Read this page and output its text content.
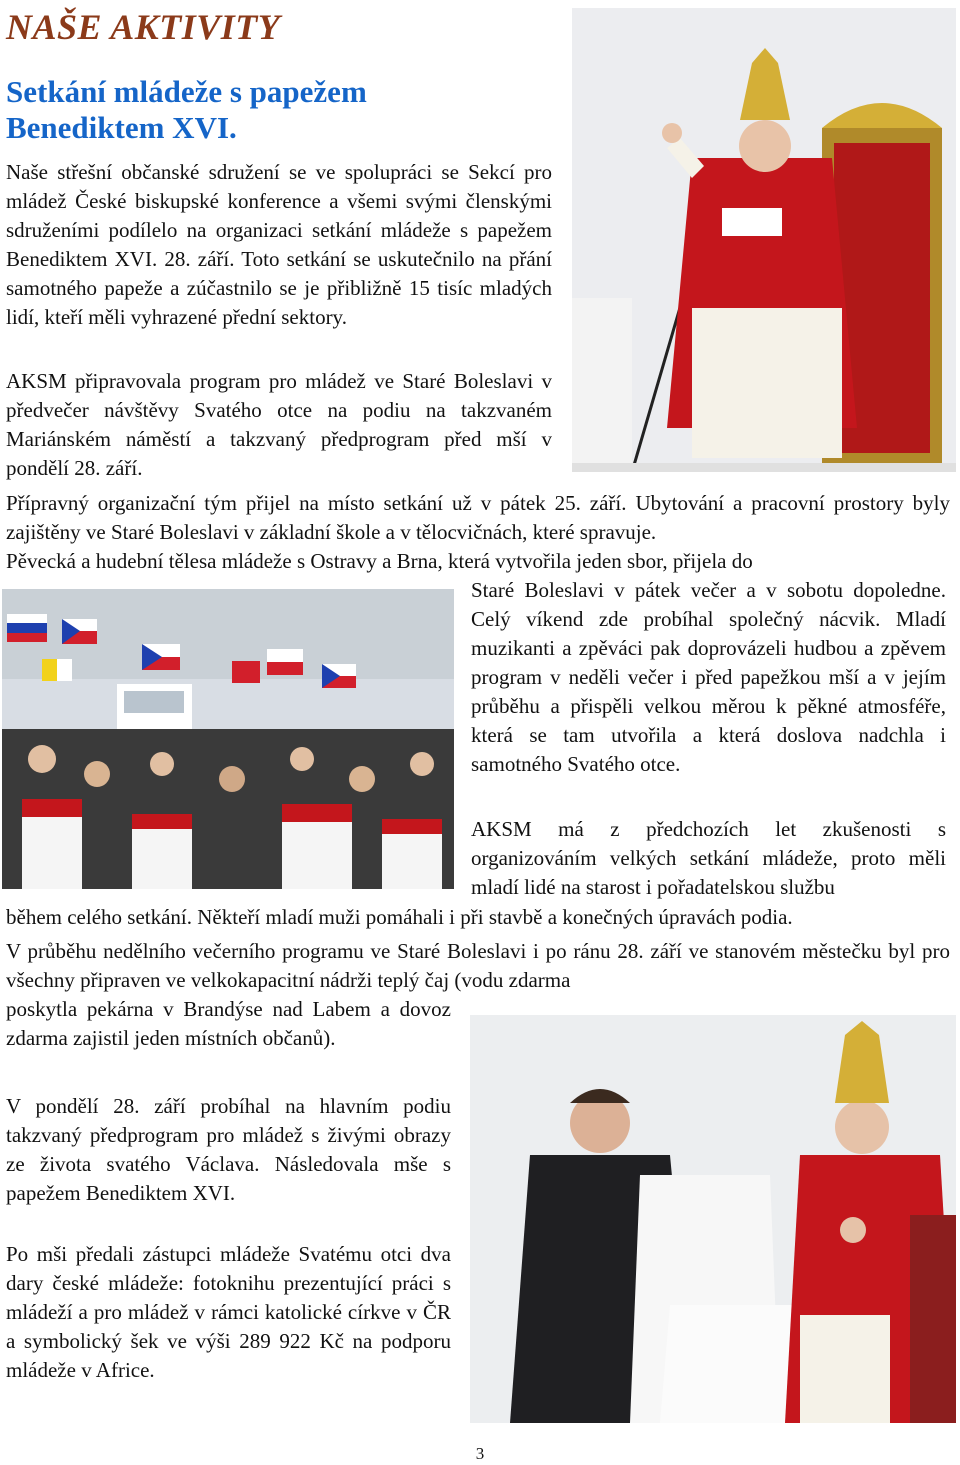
NAŠE AKTIVITY
Setkání mládeže s papežem Benediktem XVI.

Naše střešní občanské sdružení se ve spolupráci se Sekcí pro mládež České biskupské konference a všemi svými členskými sdruženími podílelo na organizaci setkání mládeže s papežem Benediktem XVI. 28. září. Toto setkání se uskutečnilo na přání samotného papeže a zúčastnilo se je přibližně 15 tisíc mladých lidí, kteří měli vyhrazené přední sektory.

AKSM připravovala program pro mládež ve Staré Boleslavi v předvečer návštěvy Svatého otce na podiu na takzvaném Mariánském náměstí a takzvaný předprogram před mší v pondělí 28. září.

Přípravný organizační tým přijel na místo setkání už v pátek 25. září. Ubytování a pracovní prostory byly zajištěny ve Staré Boleslavi v základní škole a v tělocvičnách, které spravuje.

Pěvecká a hudební tělesa mládeže s Ostravy a Brna, která vytvořila jeden sbor, přijela do

Staré Boleslavi v pátek večer a v sobotu dopoledne. Celý víkend zde probíhal společný nácvik. Mladí muzikanti a zpěváci pak doprovázeli hudbou a zpěvem program v neděli večer i před papežkou mší a v jejím průběhu a přispěli velkou měrou k pěkné atmosféře, která se tam utvořila a která doslova nadchla i samotného Svatého otce.

AKSM má z předchozích let zkušenosti s organizováním velkých setkání mládeže, proto měli mladí lidé na starost i pořadatelskou službu

během celého setkání. Někteří mladí muži pomáhali i při stavbě a konečných úpravách podia.

V průběhu nedělního večerního programu ve Staré Boleslavi i po ránu 28. září ve stanovém městečku byl pro všechny připraven ve velkokapacitní nádrži teplý čaj (vodu zdarma

poskytla pekárna v Brandýse nad Labem a dovoz zdarma zajistil jeden místních občanů).

V pondělí 28. září probíhal na hlavním podiu takzvaný předprogram pro mládež s živými obrazy ze života svatého Václava. Následovala mše s papežem Benediktem XVI.

Po mši předali zástupci mládeže Svatému otci dva dary české mládeže: fotoknihu prezentující práci s mládeží a pro mládež v rámci katolické církve v ČR a symbolický šek ve výši 289 922 Kč na podporu mládeže v Africe.

3
